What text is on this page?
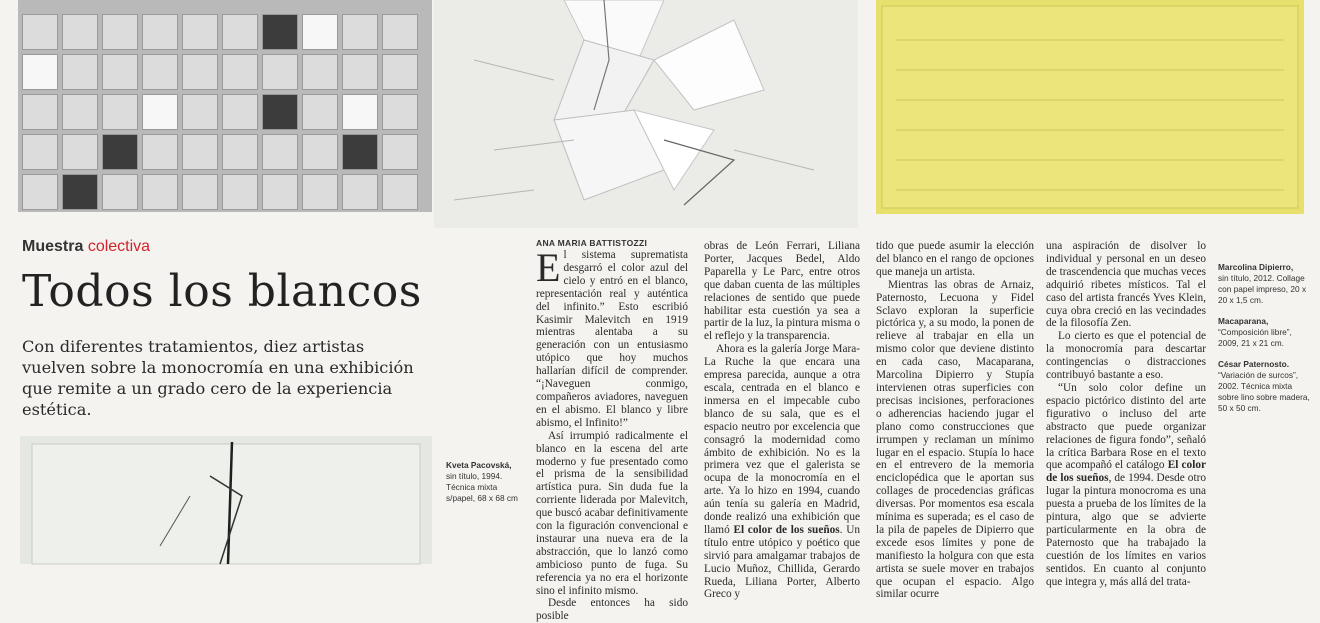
Muestra colectiva
Todos los blancos
Con diferentes tratamientos, diez artistas vuelven sobre la monocromía en una exhibición que remite a un grado cero de la experiencia estética.
Kveta Pacovská, sin título, 1994. Técnica mixta s/papel, 68 x 68 cm
ANA MARIA BATTISTOZZI

El sistema suprematista desgarró el color azul del cielo y entró en el blanco, representación real y auténtica del infinito.” Esto escribió Kasimir Malevitch en 1919 mientras alentaba a su generación con un entusiasmo utópico que hoy muchos hallarían difícil de comprender. “¡Naveguen conmigo, compañeros aviadores, naveguen en el abismo. El blanco y libre abismo, el Infinito!”

Así irrumpió radicalmente el blanco en la escena del arte moderno y fue presentado como el prisma de la sensibilidad artística pura. Sin duda fue la corriente liderada por Malevitch, que buscó acabar definitivamente con la figuración convencional e instaurar una nueva era de la abstracción, que lo lanzó como ambicioso punto de fuga. Su referencia ya no era el horizonte sino el infinito mismo.

Desde entonces ha sido posible

obras de León Ferrari, Liliana Porter, Jacques Bedel, Aldo Paparella y Le Parc, entre otros que daban cuenta de las múltiples relaciones de sentido que puede habilitar esta cuestión ya sea a partir de la luz, la pintura misma o el reflejo y la transparencia.

Ahora es la galería Jorge Mara-La Ruche la que encara una empresa parecida, aunque a otra escala, centrada en el blanco e inmersa en el impecable cubo blanco de su sala, que es el espacio neutro por excelencia que consagró la modernidad como ámbito de exhibición. No es la primera vez que el galerista se ocupa de la monocromía en el arte. Ya lo hizo en 1994, cuando aún tenía su galería en Madrid, donde realizó una exhibición que llamó El color de los sueños. Un título entre utópico y poético que sirvió para amalgamar trabajos de Lucio Muñoz, Chillida, Gerardo Rueda, Liliana Porter, Alberto Greco y

tido que puede asumir la elección del blanco en el rango de opciones que maneja un artista.

Mientras las obras de Arnaiz, Paternosto, Lecuona y Fidel Sclavo exploran la superficie pictórica y, a su modo, la ponen de relieve al trabajar en ella un mismo color que deviene distinto en cada caso, Macaparana, Marcolina Dipierro y Stupía intervienen otras superficies con precisas incisiones, perforaciones o adherencias haciendo jugar el plano como construcciones que irrumpen y reclaman un mínimo lugar en el espacio. Stupía lo hace en el entrevero de la memoria enciclopédica que le aportan sus collages de procedencias gráficas diversas. Por momentos esa escala mínima es superada; es el caso de la pila de papeles de Dipierro que excede esos límites y pone de manifiesto la holgura con que esta artista se suele mover en trabajos que ocupan el espacio. Algo similar ocurre

una aspiración de disolver lo individual y personal en un deseo de trascendencia que muchas veces adquirió ribetes místicos. Tal el caso del artista francés Yves Klein, cuya obra creció en las vecindades de la filosofía Zen.

Lo cierto es que el potencial de la monocromía para descartar contingencias o distracciones contribuyó bastante a eso.

“Un solo color define un espacio pictórico distinto del arte figurativo o incluso del arte abstracto que puede organizar relaciones de figura fondo”, señaló la crítica Barbara Rose en el texto que acompañó el catálogo El color de los sueños, de 1994. Desde otro lugar la pintura monocroma es una puesta a prueba de los límites de la pintura, algo que se advierte particularmente en la obra de Paternosto que ha trabajado la cuestión de los límites en varios sentidos. En cuanto al conjunto que integra y, más allá del trata-

Marcolina Dipierro,
sin título, 2012. Collage con papel impreso, 20 x 20 x 1,5 cm.
Macaparana,
“Composición libre”, 2009, 21 x 21 cm.
César Paternosto.
“Variación de surcos”, 2002. Técnica mixta sobre lino sobre madera, 50 x 50 cm.
